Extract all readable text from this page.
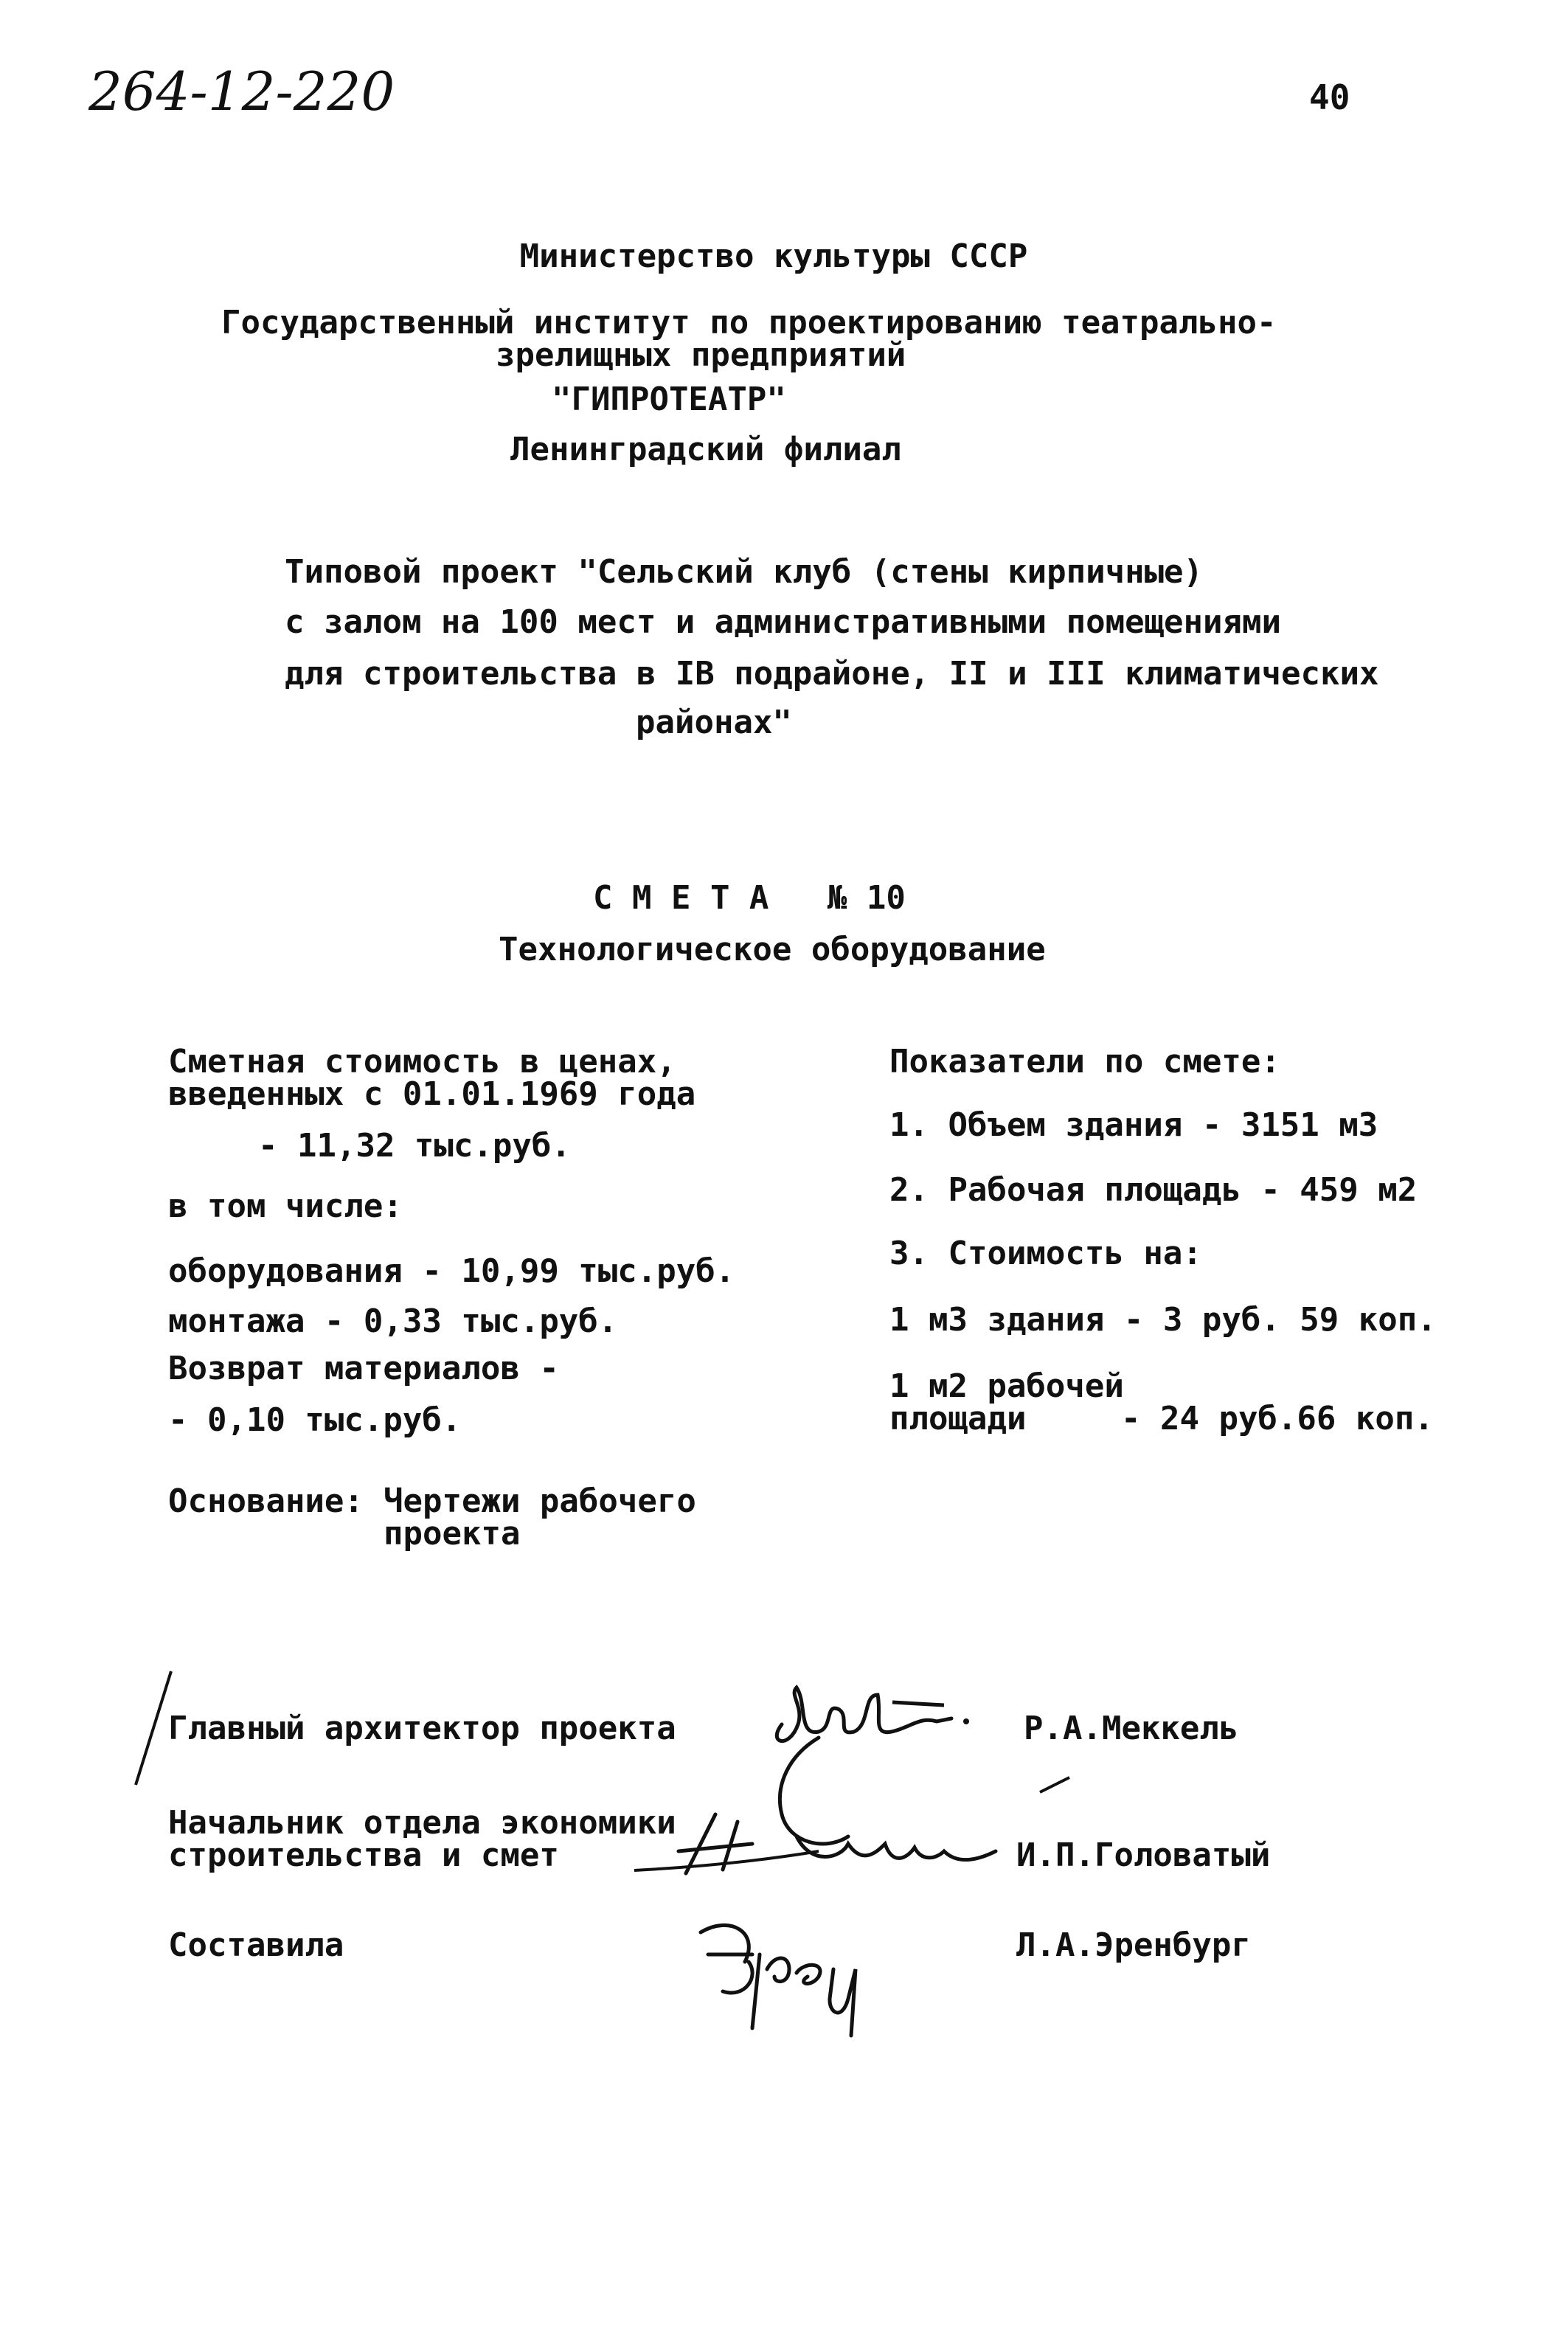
264-12-220	40
Министерство культуры СССР
Государственный институт по проектированию театрально-
зрелищных предприятий
"ГИПРОТЕАТР"
Ленинградский филиал
Типовой проект "Сельский клуб (стены кирпичные)
с залом на 100 мест и административными помещениями
для строительства в IВ подрайоне, II и III климатических
районах"
С М Е Т А   № 10
Технологическое оборудование
Сметная стоимость в ценах,
введенных с 01.01.1969 года
- 11,32 тыс.руб.
в том числе:
оборудования - 10,99 тыс.руб.
монтажа - 0,33 тыс.руб.
Возврат материалов -
- 0,10 тыс.руб.
Основание: Чертежи рабочего
проекта
Показатели по смете:
1. Объем здания - 3151 м3
2. Рабочая площадь - 459 м2
3. Стоимость на:
1 м3 здания - 3 руб. 59 коп.
1 м2 рабочей
площади	- 24 руб.66 коп.
Главный архитектор проекта	Р.А.Меккель
Начальник отдела экономики
строительства и смет	И.П.Головатый
Составила	Л.А.Эренбург
